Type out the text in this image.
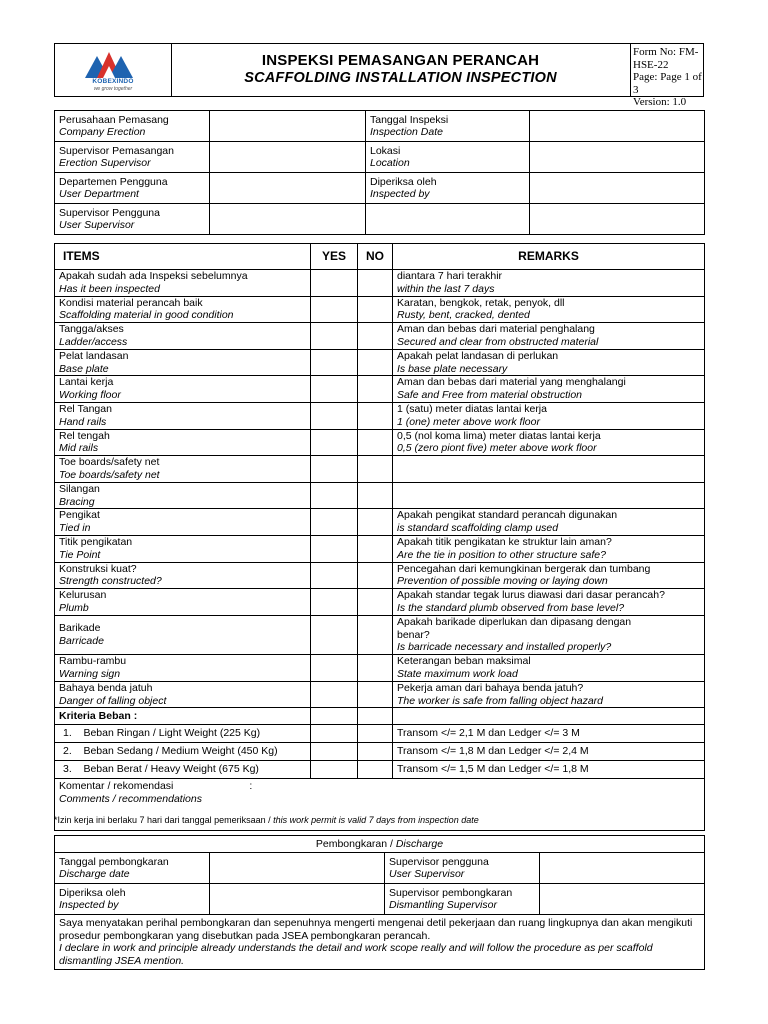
KOBEXINDO
we grow together
INSPEKSI PEMASANGAN PERANCAH
SCAFFOLDING INSTALLATION INSPECTION
Form No: FM-HSE-22
Page: Page 1 of 3
Version: 1.0
Perusahaan Pemasang
Company Erection		Tanggal Inspeksi
Inspection Date	

Supervisor Pemasangan
Erection Supervisor		Lokasi
Location	

Departemen Pengguna
User Department		Diperiksa oleh
Inspected by	

Supervisor Pengguna
User Supervisor			

ITEMS	YES	NO	REMARKS

Apakah sudah ada Inspeksi sebelumnya
Has it been inspected			diantara 7 hari terakhir
within the last 7 days

Kondisi material perancah baik
Scaffolding material in good condition			Karatan, bengkok, retak, penyok, dll
Rusty, bent, cracked, dented

Tangga/akses
Ladder/access			Aman dan bebas dari material penghalang
Secured and clear from obstructed material

Pelat landasan
Base plate			Apakah pelat landasan di perlukan
Is base plate necessary

Lantai kerja
Working floor			Aman dan bebas dari material yang menghalangi
Safe and Free from material obstruction

Rel Tangan
Hand rails			1 (satu) meter diatas lantai kerja
1 (one) meter above work floor

Rel tengah
Mid rails			0,5 (nol koma lima) meter diatas lantai kerja
0,5 (zero piont five) meter above work floor

Toe boards/safety net
Toe boards/safety net			

Silangan
Bracing			

Pengikat
Tied in			Apakah pengikat standard perancah digunakan
is standard scaffolding clamp used

Titik pengikatan
Tie Point			Apakah titik pengikatan ke struktur lain aman?
Are the tie in position to other structure safe?

Konstruksi kuat?
Strength constructed?			Pencegahan dari kemungkinan bergerak dan tumbang
Prevention of possible moving or laying down

Kelurusan
Plumb			Apakah standar tegak lurus diawasi dari dasar perancah?
Is the standard plumb observed from base level?

Barikade
Barricade			Apakah barikade diperlukan dan dipasang dengan
benar?
Is barricade necessary and installed properly?

Rambu-rambu
Warning sign			Keterangan beban maksimal
State maximum work load

Bahaya benda jatuh
Danger of falling object			Pekerja aman dari bahaya benda jatuh?
The worker is safe from falling object hazard

Kriteria Beban :			
1. Beban Ringan / Light Weight (225 Kg)			Transom </= 2,1 M dan Ledger </= 3 M
2. Beban Sedang / Medium Weight (450 Kg)			Transom </= 1,8 M dan Ledger </= 2,4 M
3. Beban Berat / Heavy Weight (675 Kg)			Transom </= 1,5 M dan Ledger </= 1,8 M

Komentar / rekomendasi :
Comments / recommendations			
*Izin kerja ini berlaku 7 hari dari tanggal pemeriksaan / this work permit is valid 7 days from inspection date
Pembongkaran / Discharge			

Tanggal pembongkaran
Discharge date		Supervisor pengguna
User Supervisor	

Diperiksa oleh
Inspected by		Supervisor pembongkaran
Dismantling Supervisor	

Saya menyatakan perihal pembongkaran dan sepenuhnya mengerti mengenai detil pekerjaan dan ruang lingkupnya dan akan mengikuti prosedur pembongkaran yang disebutkan pada JSEA pembongkaran perancah.
I declare in work and principle already understands the detail and work scope really and will follow the procedure as per scaffold dismantling JSEA mention.			
